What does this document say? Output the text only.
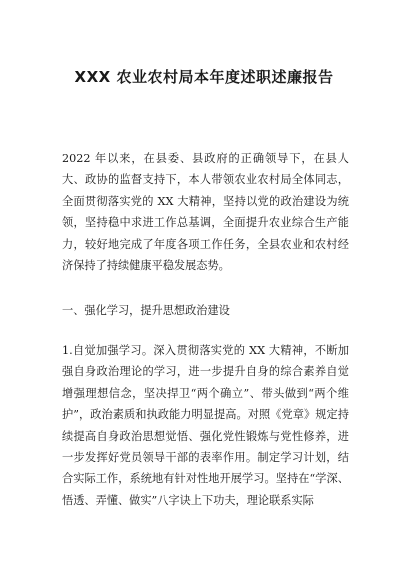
XXX 农业农村局本年度述职述廉报告

2022 年以来，在县委、县政府的正确领导下，在县人大、政协的监督支持下，本人带领农业农村局全体同志，全面贯彻落实党的 XX 大精神，坚持以党的政治建设为统领，坚持稳中求进工作总基调，全面提升农业综合生产能力，较好地完成了年度各项工作任务，全县农业和农村经济保持了持续健康平稳发展态势。

一、强化学习，提升思想政治建设

1.自觉加强学习。深入贯彻落实党的 XX 大精神，不断加强自身政治理论的学习，进一步提升自身的综合素养自觉增强理想信念，坚决捍卫“两个确立”、带头做到“两个维护”，政治素质和执政能力明显提高。对照《党章》规定持续提高自身政治思想觉悟、强化党性锻炼与党性修养，进一步发挥好党员领导干部的表率作用。制定学习计划，结合实际工作，系统地有针对性地开展学习。坚持在“学深、悟透、弄懂、做实”八字诀上下功夫，理论联系实际
